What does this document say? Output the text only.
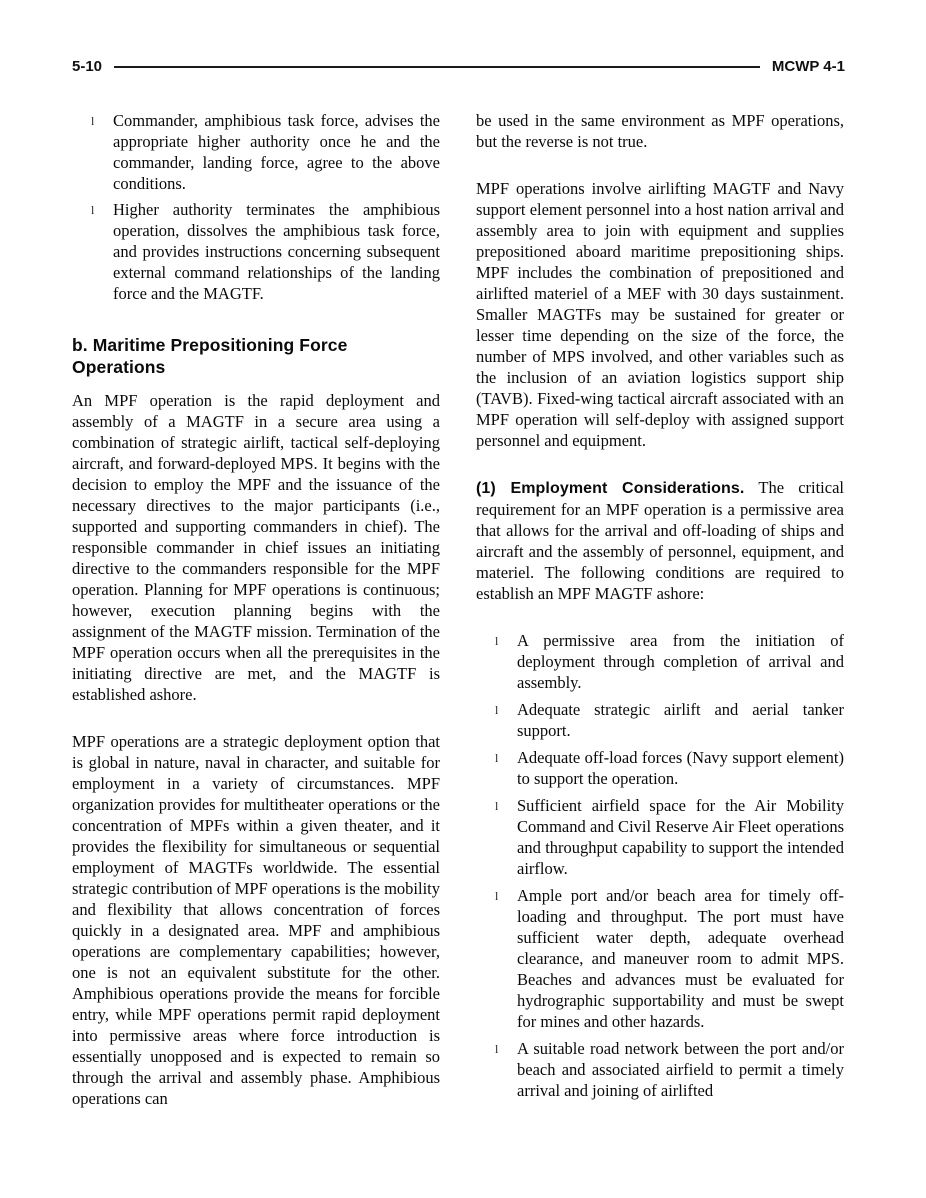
5-10	MCWP 4-1
l Commander, amphibious task force, advises the appropriate higher authority once he and the commander, landing force, agree to the above conditions.
l Higher authority terminates the amphibious operation, dissolves the amphibious task force, and provides instructions concerning subsequent external command relationships of the landing force and the MAGTF.
b. Maritime Prepositioning Force Operations

An MPF operation is the rapid deployment and assembly of a MAGTF in a secure area using a combination of strategic airlift, tactical self-deploying aircraft, and forward-deployed MPS. It begins with the decision to employ the MPF and the issuance of the necessary directives to the major participants (i.e., supported and supporting commanders in chief). The responsible commander in chief issues an initiating directive to the commanders responsible for the MPF operation. Planning for MPF operations is continuous; however, execution planning begins with the assignment of the MAGTF mission. Termination of the MPF operation occurs when all the prerequisites in the initiating directive are met, and the MAGTF is established ashore.

MPF operations are a strategic deployment option that is global in nature, naval in character, and suitable for employment in a variety of circumstances. MPF organization provides for multitheater operations or the concentration of MPFs within a given theater, and it provides the flexibility for simultaneous or sequential employment of MAGTFs worldwide. The essential strategic contribution of MPF operations is the mobility and flexibility that allows concentration of forces quickly in a designated area. MPF and amphibious operations are complementary capabilities; however, one is not an equivalent substitute for the other. Amphibious operations provide the means for forcible entry, while MPF operations permit rapid deployment into permissive areas where force introduction is essentially unopposed and is expected to remain so through the arrival and assembly phase. Amphibious operations can

be used in the same environment as MPF operations, but the reverse is not true.

MPF operations involve airlifting MAGTF and Navy support element personnel into a host nation arrival and assembly area to join with equipment and supplies prepositioned aboard maritime prepositioning ships. MPF includes the combination of prepositioned and airlifted materiel of a MEF with 30 days sustainment. Smaller MAGTFs may be sustained for greater or lesser time depending on the size of the force, the number of MPS involved, and other variables such as the inclusion of an aviation logistics support ship (TAVB). Fixed-wing tactical aircraft associated with an MPF operation will self-deploy with assigned support personnel and equipment.

(1) Employment Considerations. The critical requirement for an MPF operation is a permissive area that allows for the arrival and off-loading of ships and aircraft and the assembly of personnel, equipment, and materiel. The following conditions are required to establish an MPF MAGTF ashore:

l A permissive area from the initiation of deployment through completion of arrival and assembly.
l Adequate strategic airlift and aerial tanker support.
l Adequate off-load forces (Navy support element) to support the operation.
l Sufficient airfield space for the Air Mobility Command and Civil Reserve Air Fleet operations and throughput capability to support the intended airflow.
l Ample port and/or beach area for timely off-loading and throughput. The port must have sufficient water depth, adequate overhead clearance, and maneuver room to admit MPS. Beaches and advances must be evaluated for hydrographic supportability and must be swept for mines and other hazards.
l A suitable road network between the port and/or beach and associated airfield to permit a timely arrival and joining of airlifted
